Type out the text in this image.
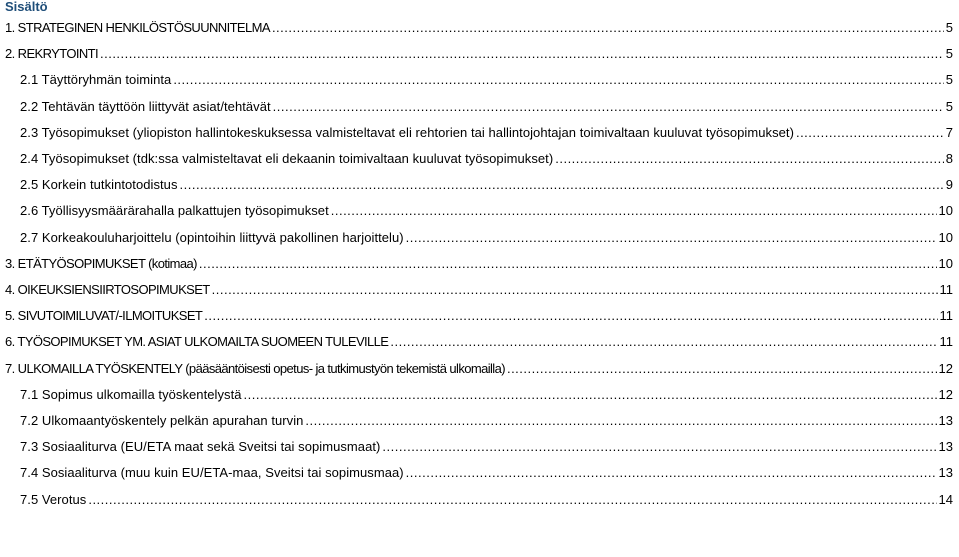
Sisältö
1. STRATEGINEN HENKILÖSTÖSUUNNITELMA .....	5
2. REKRYTOINTI .....	5
2.1 Täyttöryhmän toiminta .....	5
2.2 Tehtävän täyttöön liittyvät asiat/tehtävät .....	5
2.3 Työsopimukset (yliopiston hallintokeskuksessa valmisteltavat eli rehtorien tai hallintojohtajan toimivaltaan kuuluvat työsopimukset) .....	7
2.4 Työsopimukset (tdk:ssa valmisteltavat eli dekaanin toimivaltaan kuuluvat työsopimukset) .....	8
2.5 Korkein tutkintotodistus .....	9
2.6 Työllisyysmäärärahalla palkattujen työsopimukset .....	10
2.7 Korkeakouluharjoittelu (opintoihin liittyvä pakollinen harjoittelu) .....	10
3. ETÄTYÖSOPIMUKSET (kotimaa) .....	10
4. OIKEUKSIENSIIRTOSOPIMUKSET .....	11
5. SIVUTOIMILUVAT/-ILMOITUKSET .....	11
6. TYÖSOPIMUKSET YM. ASIAT ULKOMAILTA SUOMEEN TULEVILLE .....	11
7. ULKOMAILLA TYÖSKENTELY (pääsääntöisesti opetus- ja tutkimustyön tekemistä ulkomailla) .....	12
7.1 Sopimus ulkomailla työskentelystä .....	12
7.2 Ulkomaantyöskentely pelkän apurahan turvin .....	13
7.3 Sosiaaliturva (EU/ETA maat sekä Sveitsi tai sopimusmaat) .....	13
7.4 Sosiaaliturva (muu kuin EU/ETA-maa, Sveitsi tai sopimusmaa) .....	13
7.5 Verotus .....	14
